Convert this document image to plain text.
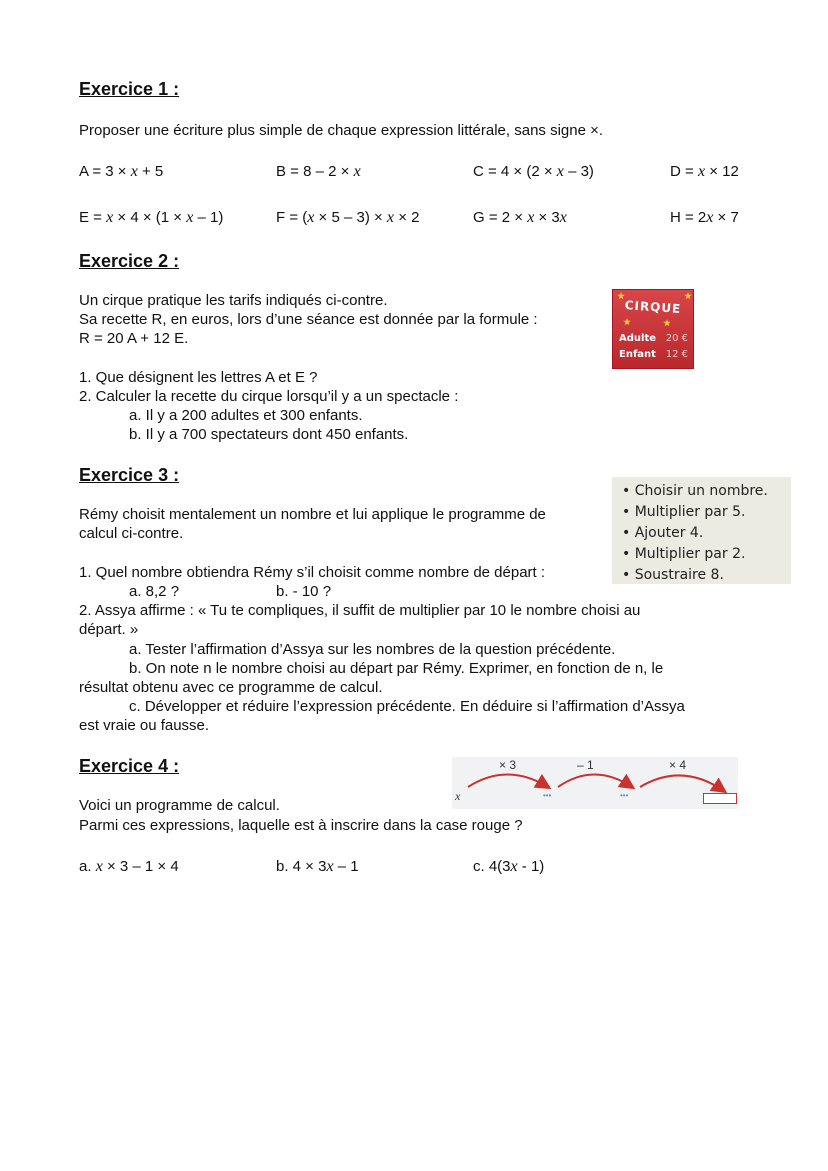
Exercice 1 :
Proposer une écriture plus simple de chaque expression littérale, sans signe ×.
A = 3 × x + 5	B = 8 – 2 × x	C = 4 × (2 × x – 3)	D = x × 12
E = x × 4 × (1 × x – 1)	F = (x × 5 – 3) × x × 2	G = 2 × x × 3x	H = 2x × 7
Exercice 2 :
Un cirque pratique les tarifs indiqués ci-contre.
Sa recette R, en euros, lors d’une séance est donnée par la formule :
R = 20 A + 12 E.
1. Que désignent les lettres A et E ?
2. Calculer la recette du cirque lorsqu’il y a un spectacle :
a. Il y a 200 adultes et 300 enfants.
b. Il y a 700 spectateurs dont 450 enfants.
CIRQUE
Adulte 20 €
Enfant 12 €
Exercice 3 :
Rémy choisit mentalement un nombre et lui applique le programme de
calcul ci-contre.
• Choisir un nombre.
• Multiplier par 5.
• Ajouter 4.
• Multiplier par 2.
• Soustraire 8.
1. Quel nombre obtiendra Rémy s’il choisit comme nombre de départ :
a. 8,2 ?	b. - 10 ?
2. Assya affirme : « Tu te compliques, il suffit de multiplier par 10 le nombre choisi au
départ. »
a. Tester l’affirmation d’Assya sur les nombres de la question précédente.
b. On note n le nombre choisi au départ par Rémy. Exprimer, en fonction de n, le
résultat obtenu avec ce programme de calcul.
c. Développer et réduire l’expression précédente. En déduire si l’affirmation d’Assya
est vraie ou fausse.
Exercice 4 :
x
× 3	– 1	× 4
•••	•••
Voici un programme de calcul.
Parmi ces expressions, laquelle est à inscrire dans la case rouge ?
a. x × 3 – 1 × 4	b. 4 × 3x – 1	c. 4(3x - 1)
